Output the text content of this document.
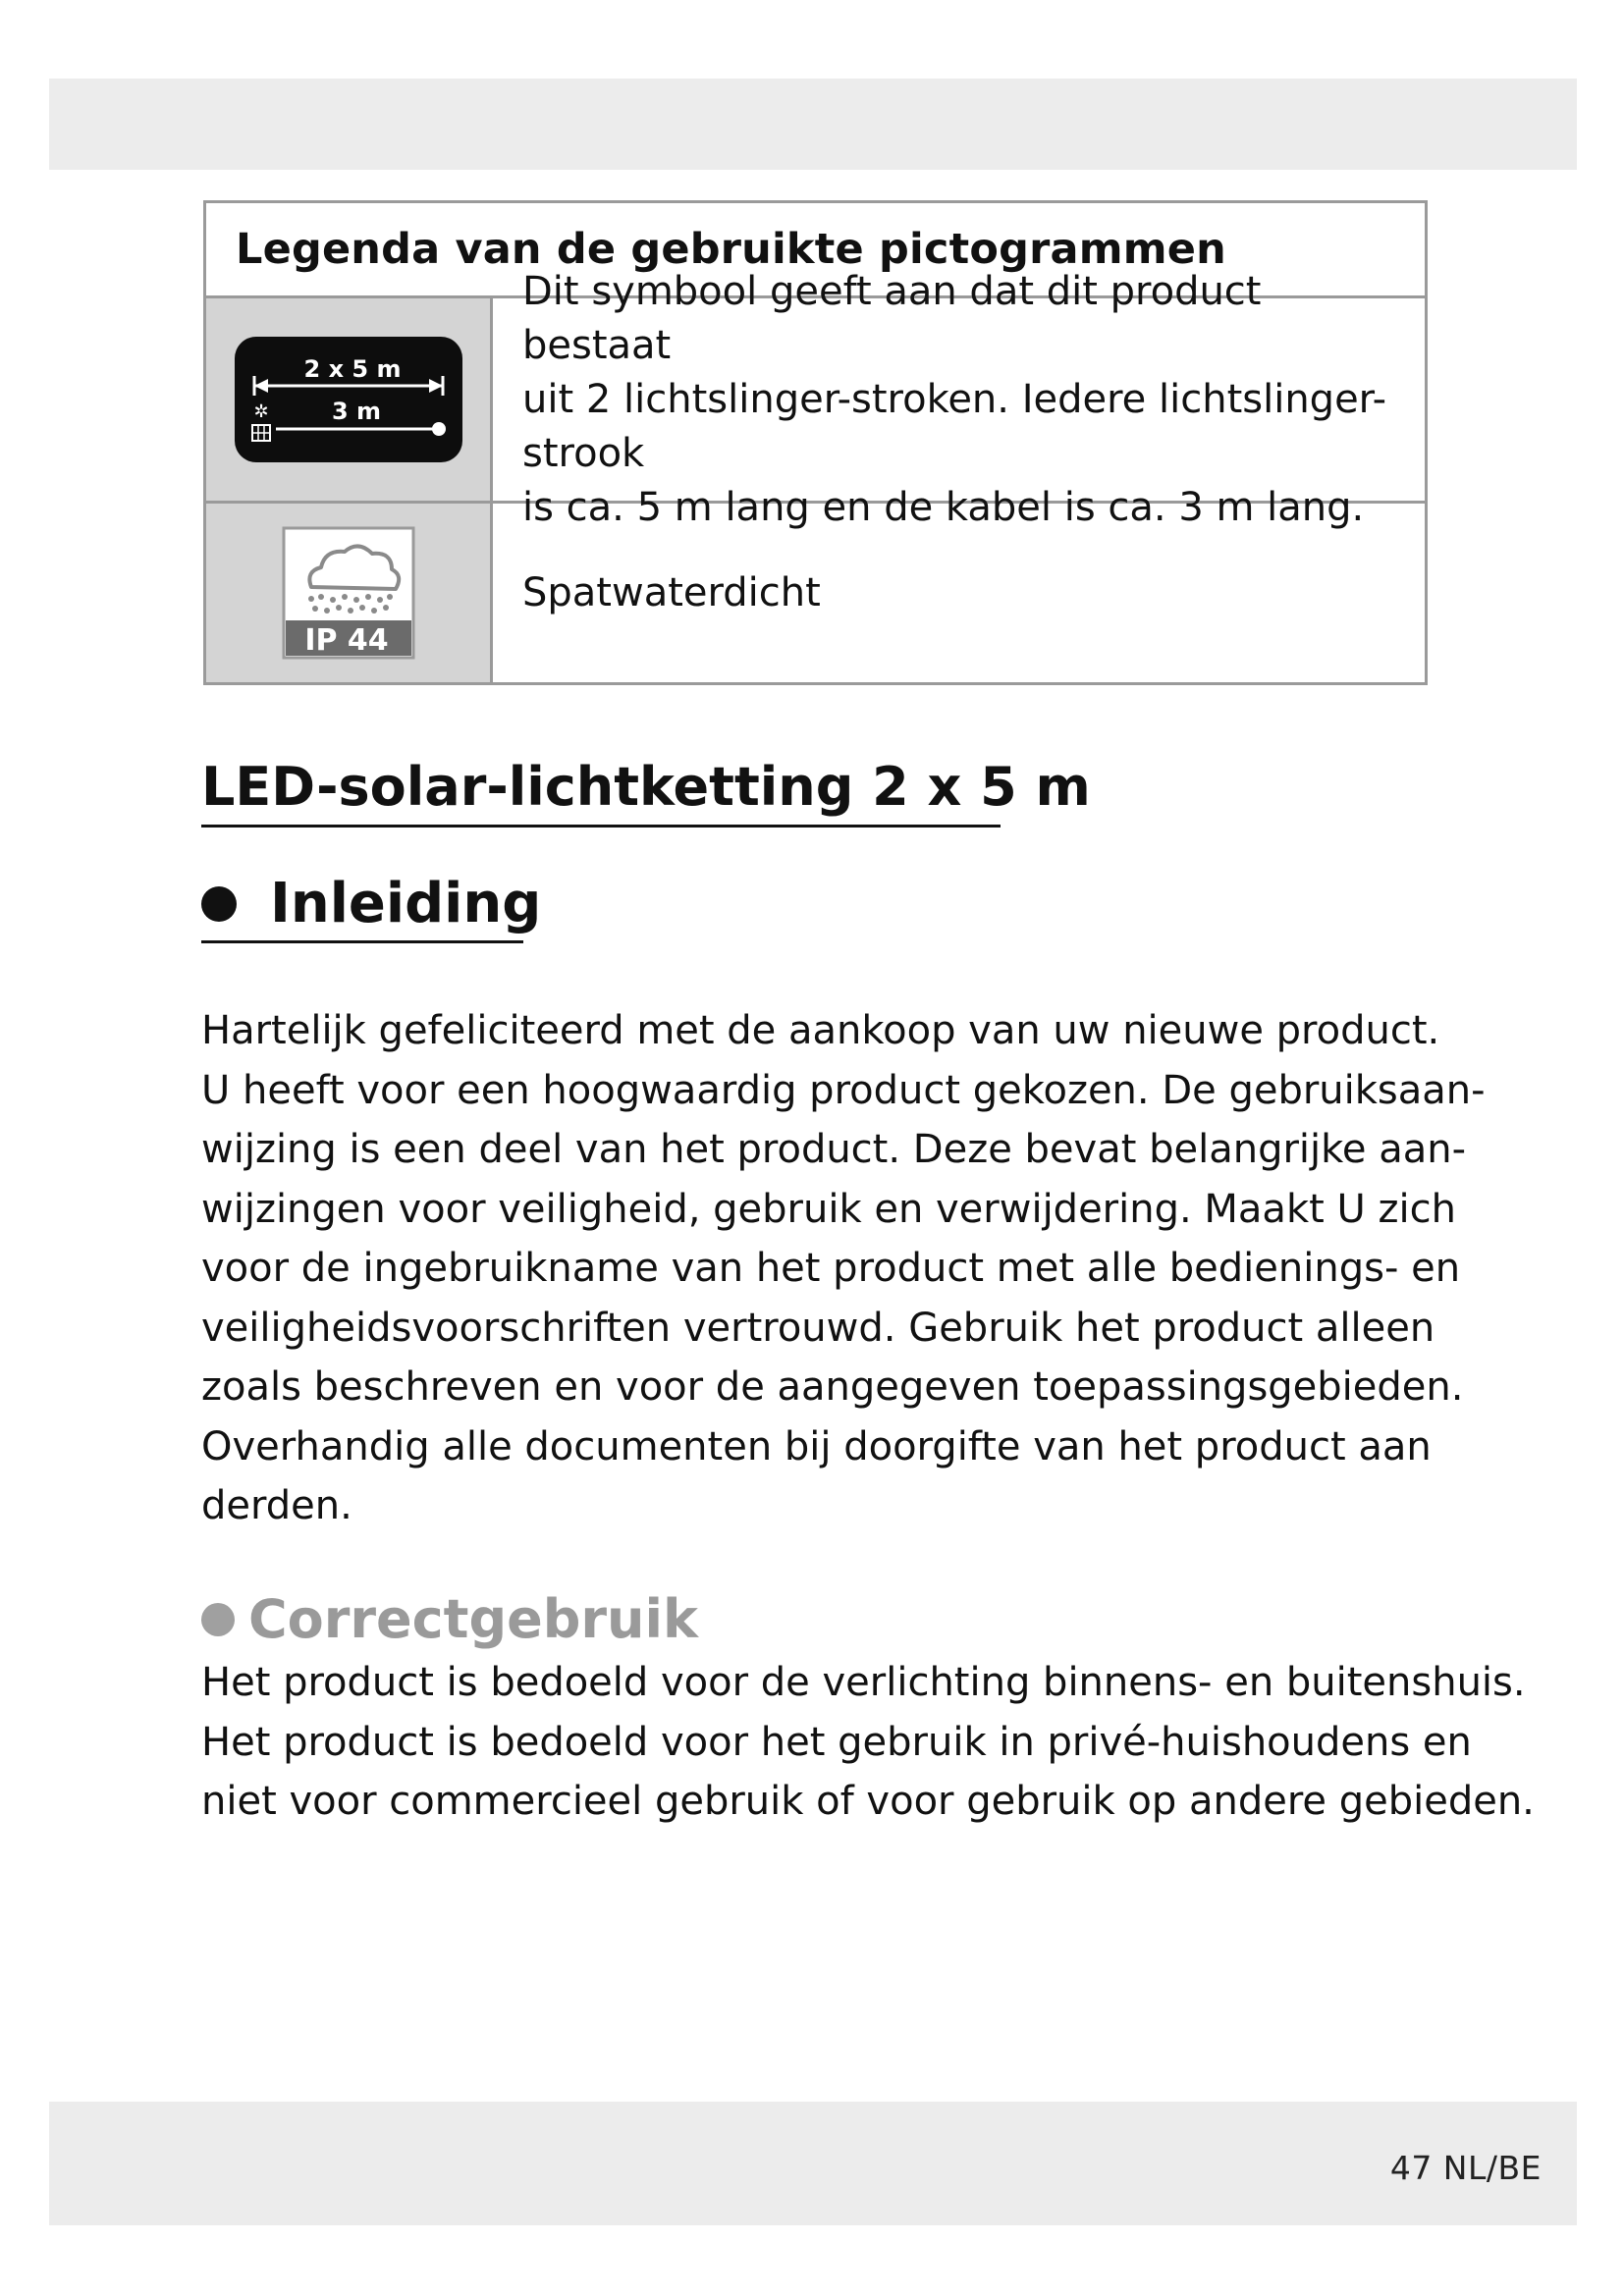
Legenda van de gebruikte pictogrammen
2 x 5 m
3 m
✲
Dit symbool geeft aan dat dit product bestaat
uit 2 lichtslinger-stroken. Iedere lichtslinger-strook
is ca. 5 m lang en de kabel is ca. 3 m lang.
IP 44
Spatwaterdicht
LED-solar-lichtketting 2 x 5 m
Inleiding
Hartelijk gefeliciteerd met de aankoop van uw nieuwe product.
U heeft voor een hoogwaardig product gekozen. De gebruiksaan-
wijzing is een deel van het product. Deze bevat belangrijke aan-
wijzingen voor veiligheid, gebruik en verwijdering. Maakt U zich
voor de ingebruikname van het product met alle bedienings- en
veiligheidsvoorschriften vertrouwd. Gebruik het product alleen
zoals beschreven en voor de aangegeven toepassingsgebieden.
Overhandig alle documenten bij doorgifte van het product aan
derden.
Correctgebruik
Het product is bedoeld voor de verlichting binnens- en buitenshuis.
Het product is bedoeld voor het gebruik in privé-huishoudens en
niet voor commercieel gebruik of voor gebruik op andere gebieden.
47 NL/BE
